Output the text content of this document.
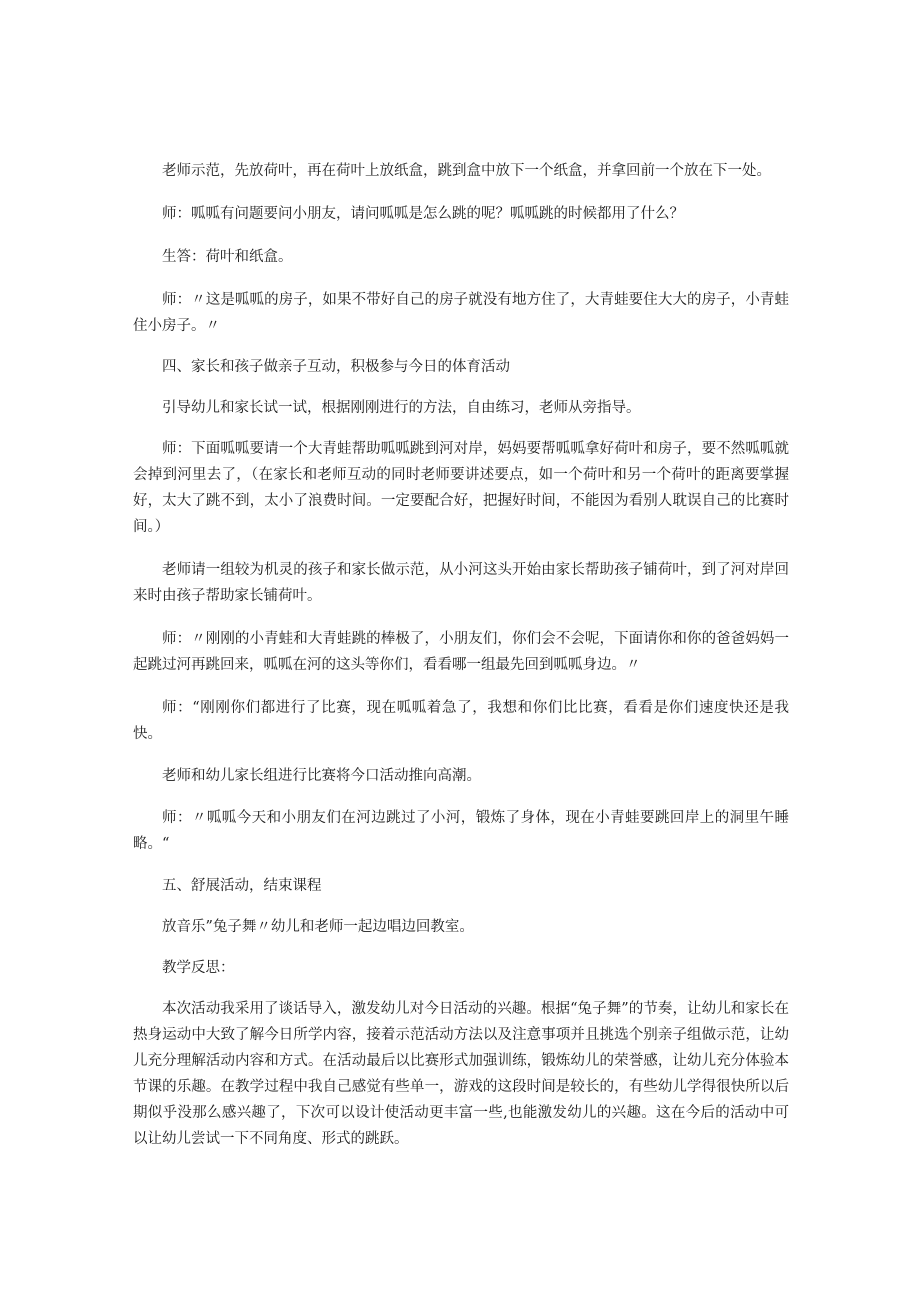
老师示范，先放荷叶，再在荷叶上放纸盒，跳到盒中放下一个纸盒，并拿回前一个放在下一处。

师：呱呱有问题要问小朋友，请问呱呱是怎么跳的呢？呱呱跳的时候都用了什么？

生答：荷叶和纸盒。

师：〃这是呱呱的房子，如果不带好自己的房子就没有地方住了，大青蛙要住大大的房子，小青蛙住小房子。〃

四、家长和孩子做亲子互动，积极参与今日的体育活动

引导幼儿和家长试一试，根据刚刚进行的方法，自由练习，老师从旁指导。

师：下面呱呱要请一个大青蛙帮助呱呱跳到河对岸，妈妈要帮呱呱拿好荷叶和房子，要不然呱呱就会掉到河里去了，（在家长和老师互动的同时老师要讲述要点，如一个荷叶和另一个荷叶的距离要掌握好，太大了跳不到，太小了浪费时间。一定要配合好，把握好时间，不能因为看别人耽误自己的比赛时间。）

老师请一组较为机灵的孩子和家长做示范，从小河这头开始由家长帮助孩子铺荷叶，到了河对岸回来时由孩子帮助家长铺荷叶。

师：〃刚刚的小青蛙和大青蛙跳的棒极了，小朋友们，你们会不会呢，下面请你和你的爸爸妈妈一起跳过河再跳回来，呱呱在河的这头等你们，看看哪一组最先回到呱呱身边。〃

师：“刚刚你们都进行了比赛，现在呱呱着急了，我想和你们比比赛，看看是你们速度快还是我快。

老师和幼儿家长组进行比赛将今口活动推向高潮。

师：〃呱呱今天和小朋友们在河边跳过了小河，锻炼了身体，现在小青蛙要跳回岸上的洞里午睡略。“

五、舒展活动，结束课程

放音乐”兔子舞〃幼儿和老师一起边唱边回教室。

教学反思：

本次活动我采用了谈话导入，激发幼儿对今日活动的兴趣。根据“兔子舞”的节奏，让幼儿和家长在热身运动中大致了解今日所学内容，接着示范活动方法以及注意事项并且挑选个别亲子组做示范，让幼儿充分理解活动内容和方式。在活动最后以比赛形式加强训练，锻炼幼儿的荣誉感，让幼儿充分体验本节课的乐趣。在教学过程中我自己感觉有些单一，游戏的这段时间是较长的，有些幼儿学得很快所以后期似乎没那么感兴趣了，下次可以设计使活动更丰富一些,也能激发幼儿的兴趣。这在今后的活动中可以让幼儿尝试一下不同角度、形式的跳跃。
